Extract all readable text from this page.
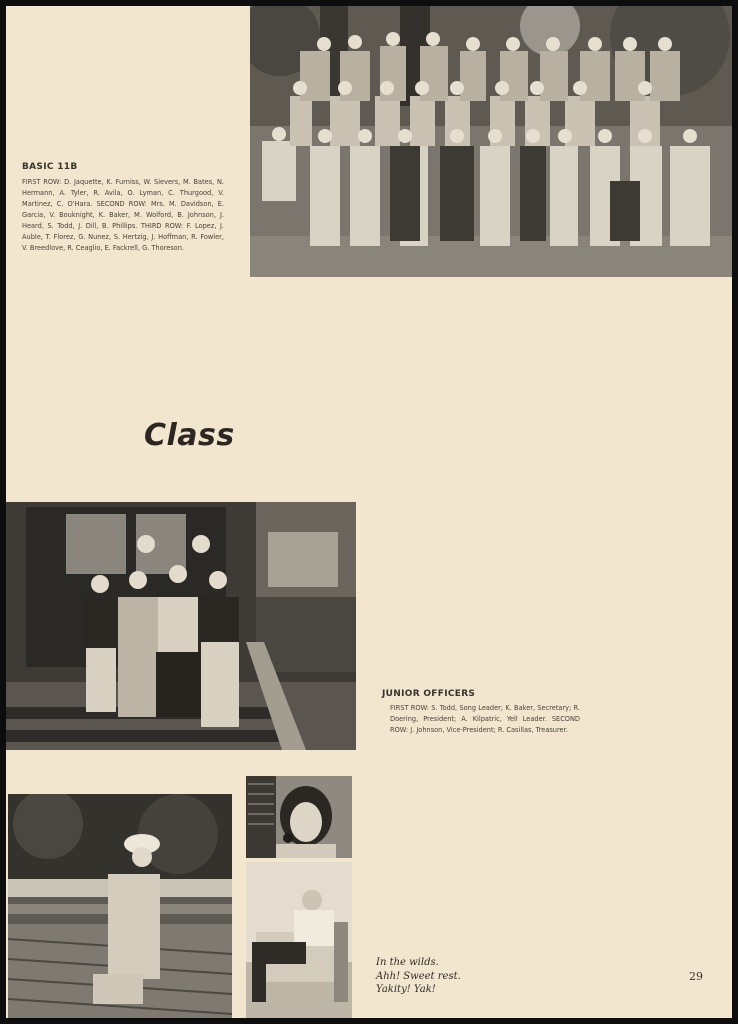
BASIC 11B
FIRST ROW: D. Jaquette, K. Furniss, W. Sievers, M. Bates, N. Hermann, A. Tyler, R. Avila, O. Lyman, C. Thurgood, V. Martinez, C. O'Hara. SECOND ROW: Mrs. M. Davidson, E. Garcia, V. Bouknight, K. Baker, M. Wolford, B. Johnson, J. Heard, S. Todd, J. Dill, B. Phillips. THIRD ROW: F. Lopez, J. Auble, T. Florez, G. Nunez, S. Hertzig, J. Hoffman, R. Fowler, V. Breedlove, R. Ceaglio, E. Fackrell, G. Thoreson.
Class
JUNIOR OFFICERS
FIRST ROW: S. Todd, Song Leader; K. Baker, Secretary; R. Doering, President; A. Kilpatric, Yell Leader. SECOND ROW: J. Johnson, Vice-President; R. Casillas, Treasurer.
In the wilds.
Ahh! Sweet rest.
Yakity! Yak!
29
